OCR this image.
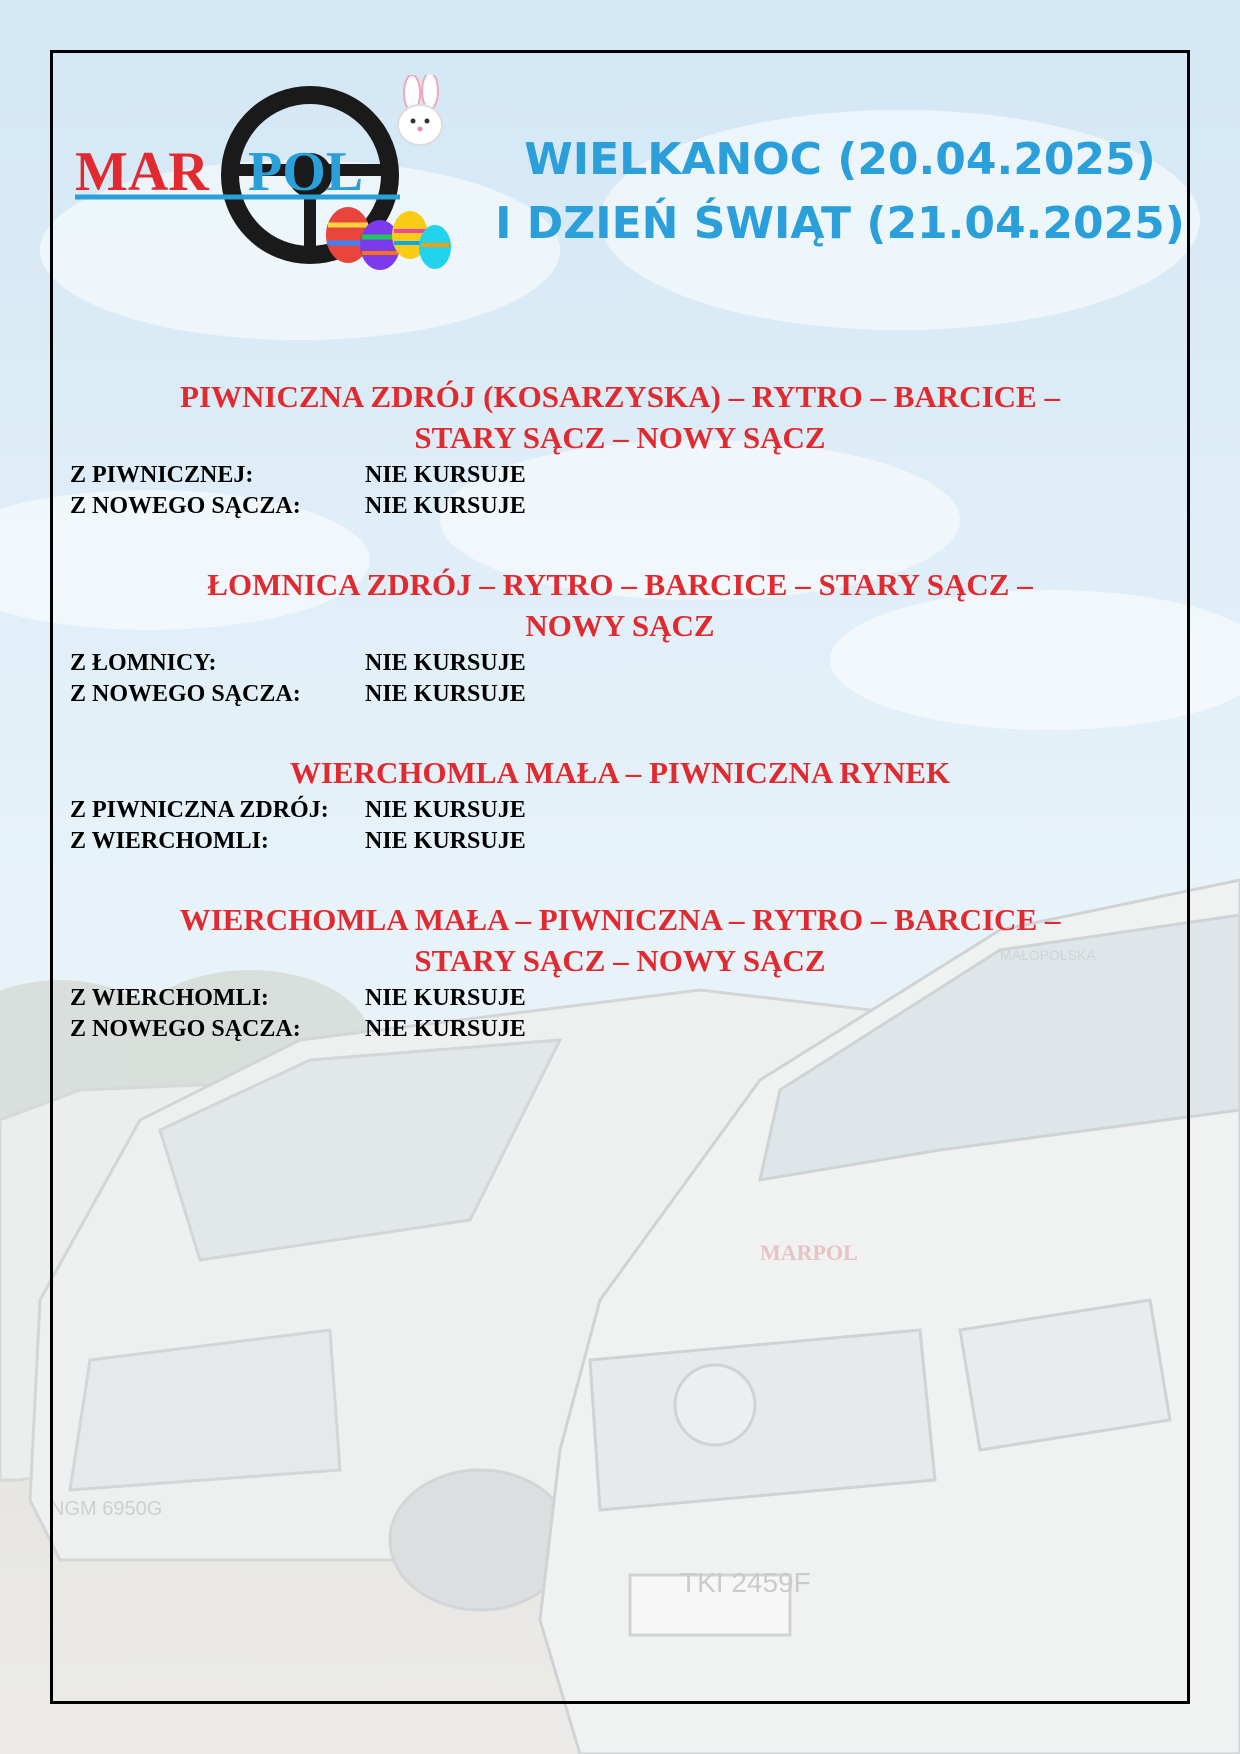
TKI 2459F
NGM 6950G
MAŁOPOLSKA
MARPOL
MAR POL	WIELKANOC (20.04.2025)
I DZIEŃ ŚWIĄT (21.04.2025)
PIWNICZNA ZDRÓJ (KOSARZYSKA) – RYTRO – BARCICE –
STARY SĄCZ – NOWY SĄCZ
Z PIWNICZNEJ:	NIE KURSUJE
Z NOWEGO SĄCZA:	NIE KURSUJE
ŁOMNICA ZDRÓJ – RYTRO – BARCICE – STARY SĄCZ –
NOWY SĄCZ
Z ŁOMNICY:	NIE KURSUJE
Z NOWEGO SĄCZA:	NIE KURSUJE
WIERCHOMLA MAŁA – PIWNICZNA RYNEK
Z PIWNICZNA ZDRÓJ:	NIE KURSUJE
Z WIERCHOMLI:	NIE KURSUJE
WIERCHOMLA MAŁA – PIWNICZNA – RYTRO – BARCICE –
STARY SĄCZ – NOWY SĄCZ
Z WIERCHOMLI:	NIE KURSUJE
Z NOWEGO SĄCZA:	NIE KURSUJE
